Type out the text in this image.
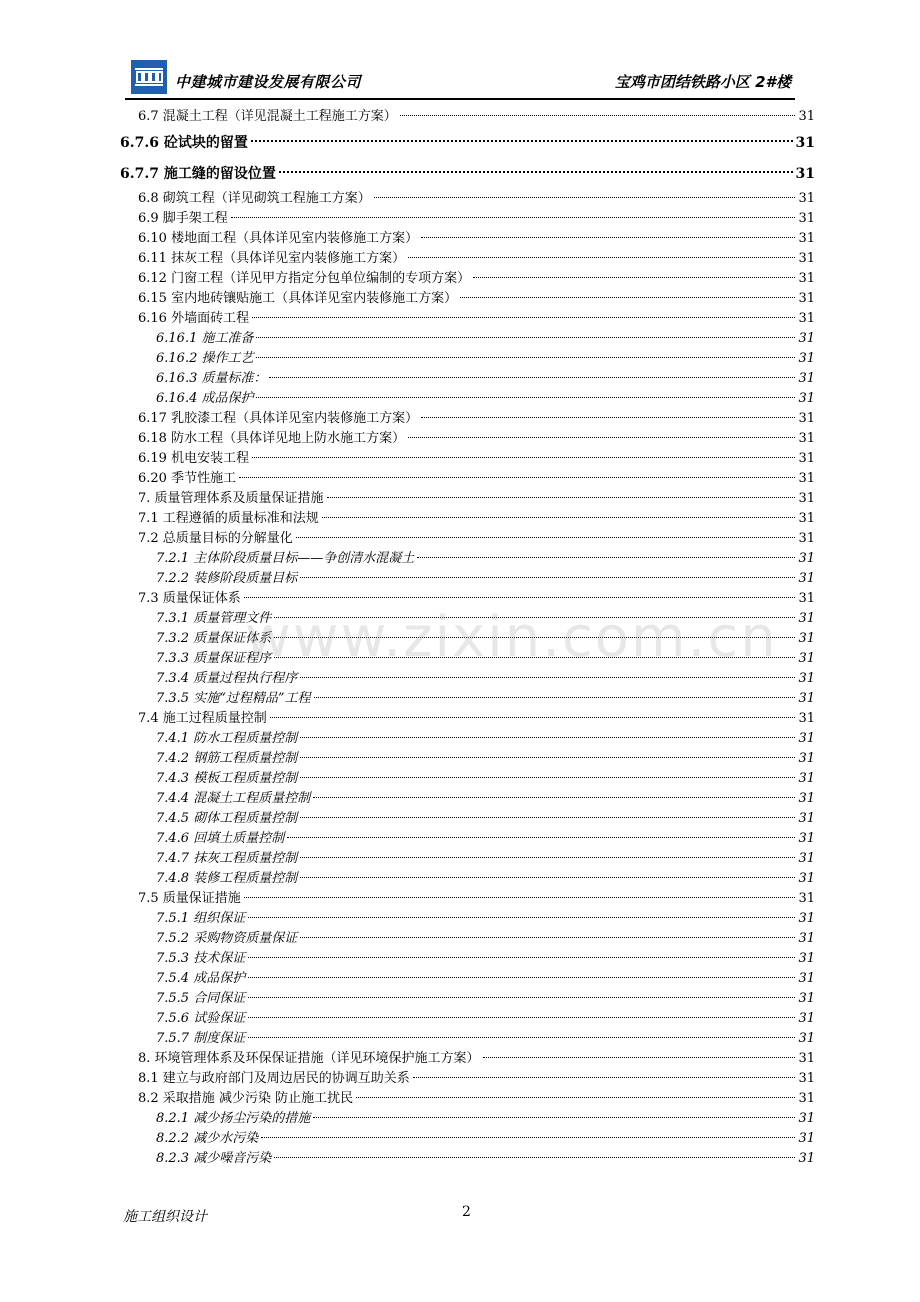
中建城市建设发展有限公司	宝鸡市团结铁路小区 2#楼
6.7 混凝土工程（详见混凝土工程施工方案）	31
6.7.6 砼试块的留置	31
6.7.7 施工缝的留设位置	31
6.8 砌筑工程（详见砌筑工程施工方案）	31
6.9 脚手架工程	31
6.10 楼地面工程（具体详见室内装修施工方案）	31
6.11 抹灰工程（具体详见室内装修施工方案）	31
6.12 门窗工程（详见甲方指定分包单位编制的专项方案）	31
6.15 室内地砖镶贴施工（具体详见室内装修施工方案）	31
6.16 外墙面砖工程	31
6.16.1 施工准备	31
6.16.2 操作工艺	31
6.16.3 质量标准：	31
6.16.4 成品保护	31
6.17 乳胶漆工程（具体详见室内装修施工方案）	31
6.18 防水工程（具体详见地上防水施工方案）	31
6.19 机电安装工程	31
6.20 季节性施工	31
7. 质量管理体系及质量保证措施	31
7.1 工程遵循的质量标准和法规	31
7.2 总质量目标的分解量化	31
7.2.1 主体阶段质量目标——争创清水混凝土	31
7.2.2 装修阶段质量目标	31
7.3 质量保证体系	31
7.3.1 质量管理文件	31
7.3.2 质量保证体系	31
7.3.3 质量保证程序	31
7.3.4 质量过程执行程序	31
7.3.5 实施“过程精品”工程	31
7.4 施工过程质量控制	31
7.4.1 防水工程质量控制	31
7.4.2 钢筋工程质量控制	31
7.4.3 模板工程质量控制	31
7.4.4 混凝土工程质量控制	31
7.4.5 砌体工程质量控制	31
7.4.6 回填土质量控制	31
7.4.7 抹灰工程质量控制	31
7.4.8 装修工程质量控制	31
7.5 质量保证措施	31
7.5.1 组织保证	31
7.5.2 采购物资质量保证	31
7.5.3 技术保证	31
7.5.4 成品保护	31
7.5.5 合同保证	31
7.5.6 试验保证	31
7.5.7 制度保证	31
8. 环境管理体系及环保保证措施（详见环境保护施工方案）	31
8.1 建立与政府部门及周边居民的协调互助关系	31
8.2 采取措施 减少污染 防止施工扰民	31
8.2.1 减少扬尘污染的措施	31
8.2.2 减少水污染	31
8.2.3 减少噪音污染	31
www.zixin.com.cn
施工组织设计	2
